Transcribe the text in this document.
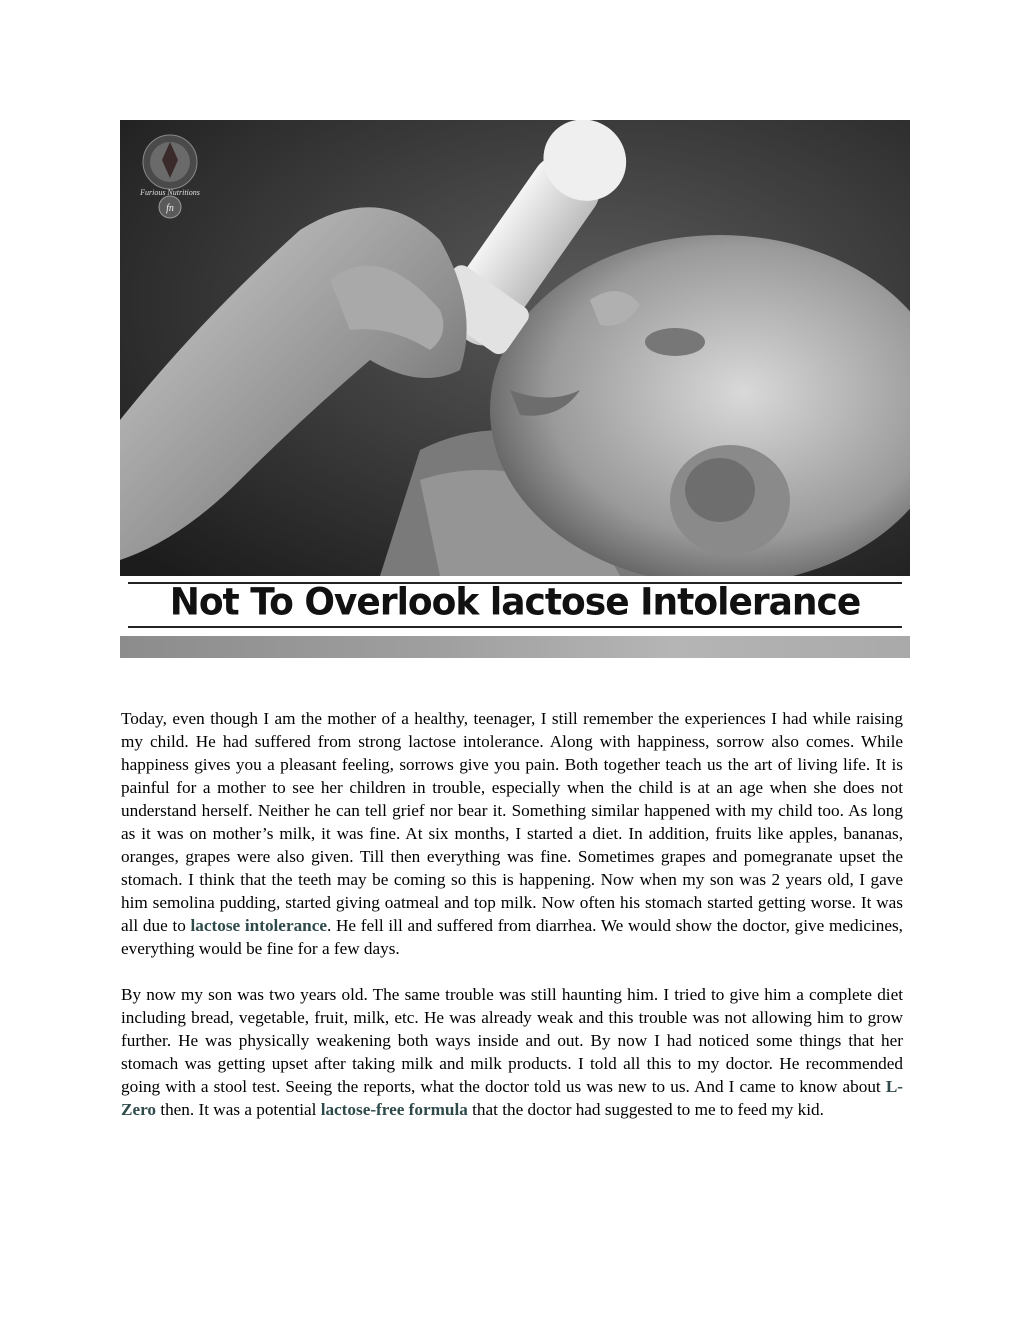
Furious Nutritions
fn
Not To Overlook lactose Intolerance

Today, even though I am the mother of a healthy, teenager, I still remember the experiences I had while raising my child. He had suffered from strong lactose intolerance. Along with happiness, sorrow also comes. While happiness gives you a pleasant feeling, sorrows give you pain. Both together teach us the art of living life. It is painful for a mother to see her children in trouble, especially when the child is at an age when she does not understand herself. Neither he can tell grief nor bear it. Something similar happened with my child too. As long as it was on mother’s milk, it was fine. At six months, I started a diet. In addition, fruits like apples, bananas, oranges, grapes were also given. Till then everything was fine. Sometimes grapes and pomegranate upset the stomach. I think that the teeth may be coming so this is happening. Now when my son was 2 years old, I gave him semolina pudding, started giving oatmeal and top milk. Now often his stomach started getting worse. It was all due to lactose intolerance. He fell ill and suffered from diarrhea. We would show the doctor, give medicines, everything would be fine for a few days.

By now my son was two years old. The same trouble was still haunting him. I tried to give him a complete diet including bread, vegetable, fruit, milk, etc. He was already weak and this trouble was not allowing him to grow further. He was physically weakening both ways inside and out. By now I had noticed some things that her stomach was getting upset after taking milk and milk products. I told all this to my doctor. He recommended going with a stool test. Seeing the reports, what the doctor told us was new to us. And I came to know about L-Zero then. It was a potential lactose-free formula that the doctor had suggested to me to feed my kid.
